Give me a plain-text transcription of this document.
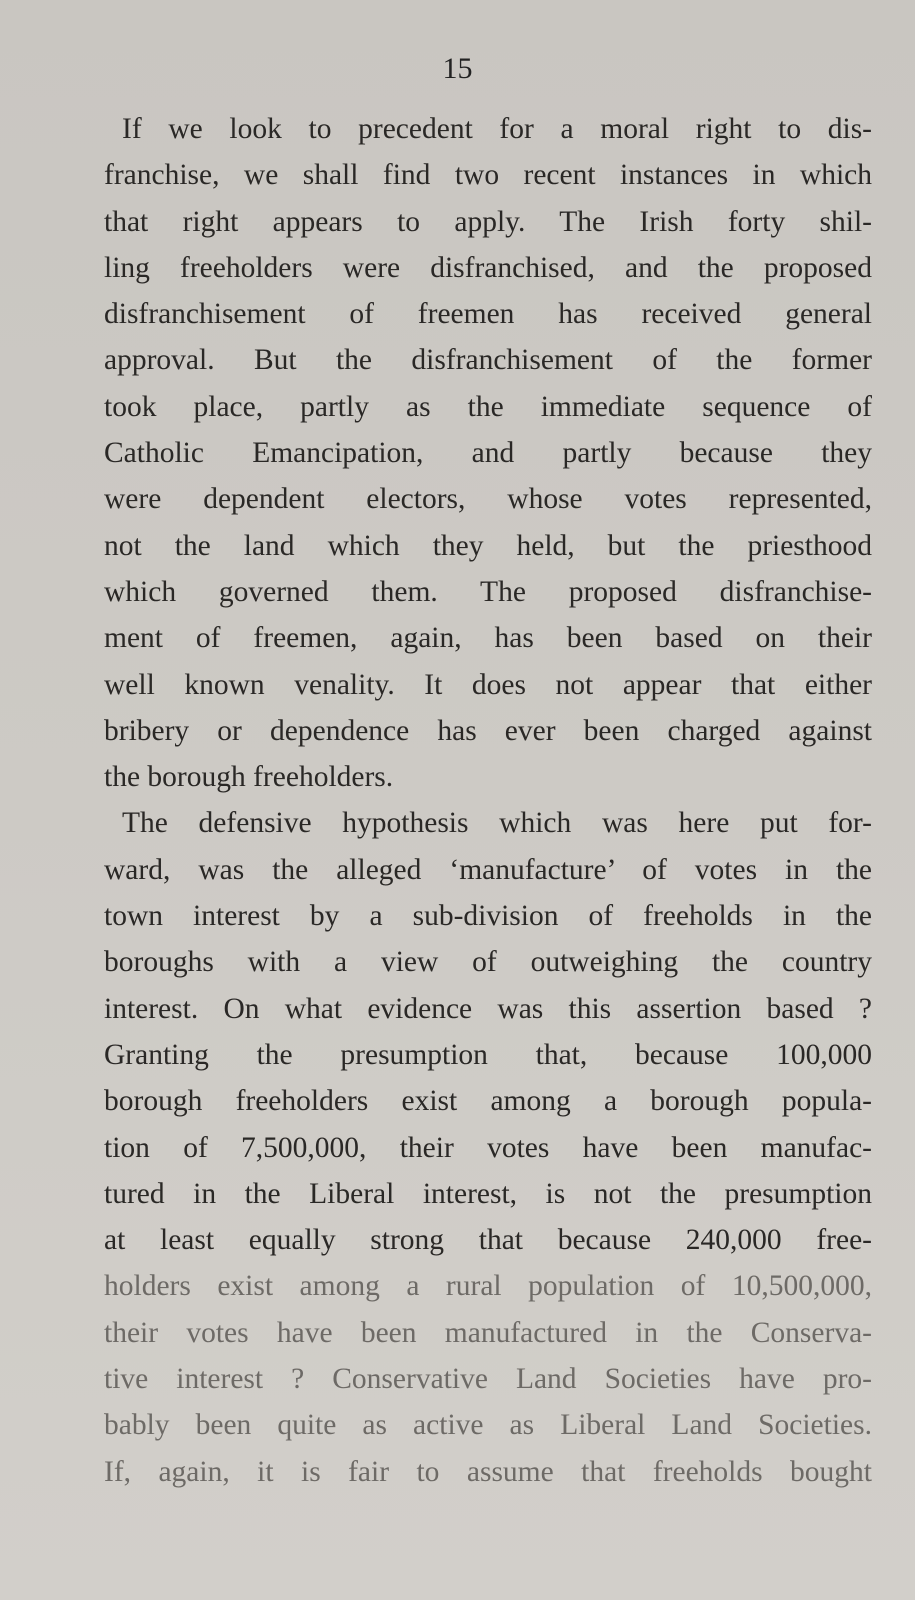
15
If we look to precedent for a moral right to dis-
franchise, we shall find two recent instances in which
that right appears to apply. The Irish forty shil-
ling freeholders were disfranchised, and the proposed
disfranchisement of freemen has received general
approval. But the disfranchisement of the former
took place, partly as the immediate sequence of
Catholic Emancipation, and partly because they
were dependent electors, whose votes represented,
not the land which they held, but the priesthood
which governed them. The proposed disfranchise-
ment of freemen, again, has been based on their
well known venality. It does not appear that either
bribery or dependence has ever been charged against
the borough freeholders.
The defensive hypothesis which was here put for-
ward, was the alleged ‘manufacture’ of votes in the
town interest by a sub-division of freeholds in the
boroughs with a view of outweighing the country
interest. On what evidence was this assertion based ?
Granting the presumption that, because 100,000
borough freeholders exist among a borough popula-
tion of 7,500,000, their votes have been manufac-
tured in the Liberal interest, is not the presumption
at least equally strong that because 240,000 free-
holders exist among a rural population of 10,500,000,
their votes have been manufactured in the Conserva-
tive interest ? Conservative Land Societies have pro-
bably been quite as active as Liberal Land Societies.
If, again, it is fair to assume that freeholds bought
